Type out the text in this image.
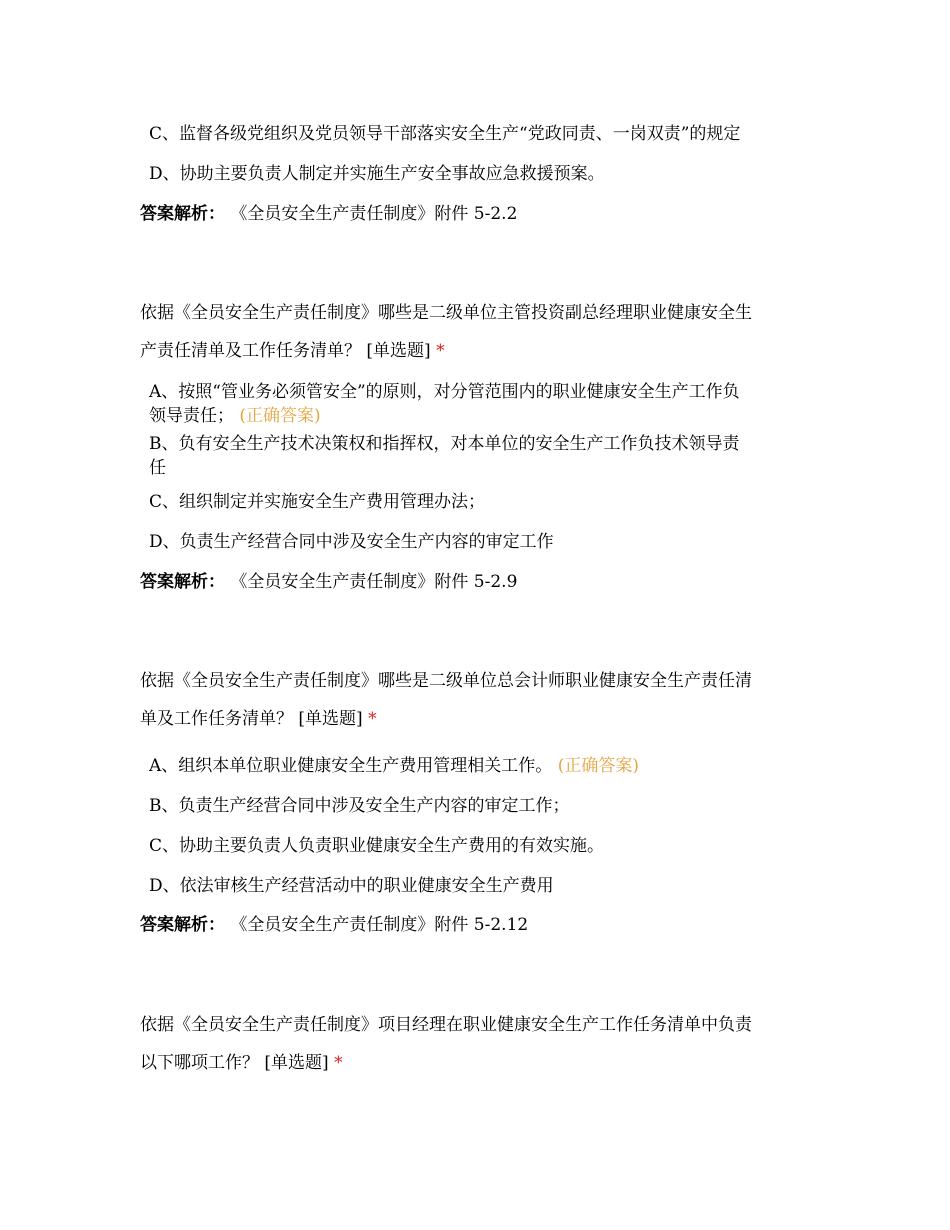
C、监督各级党组织及党员领导干部落实安全生产“党政同责、一岗双责”的规定
D、协助主要负责人制定并实施生产安全事故应急救援预案。
答案解析： 《全员安全生产责任制度》附件 5-2.2
依据《全员安全生产责任制度》哪些是二级单位主管投资副总经理职业健康安全生
产责任清单及工作任务清单？ [单选题] *
A、按照“管业务必须管安全”的原则，对分管范围内的职业健康安全生产工作负
领导责任； (正确答案)
B、负有安全生产技术决策权和指挥权，对本单位的安全生产工作负技术领导责
任
C、组织制定并实施安全生产费用管理办法；
D、负责生产经营合同中涉及安全生产内容的审定工作
答案解析： 《全员安全生产责任制度》附件 5-2.9
依据《全员安全生产责任制度》哪些是二级单位总会计师职业健康安全生产责任清
单及工作任务清单？ [单选题] *
A、组织本单位职业健康安全生产费用管理相关工作。 (正确答案)
B、负责生产经营合同中涉及安全生产内容的审定工作；
C、协助主要负责人负责职业健康安全生产费用的有效实施。
D、依法审核生产经营活动中的职业健康安全生产费用
答案解析： 《全员安全生产责任制度》附件 5-2.12
依据《全员安全生产责任制度》项目经理在职业健康安全生产工作任务清单中负责
以下哪项工作？ [单选题] *
